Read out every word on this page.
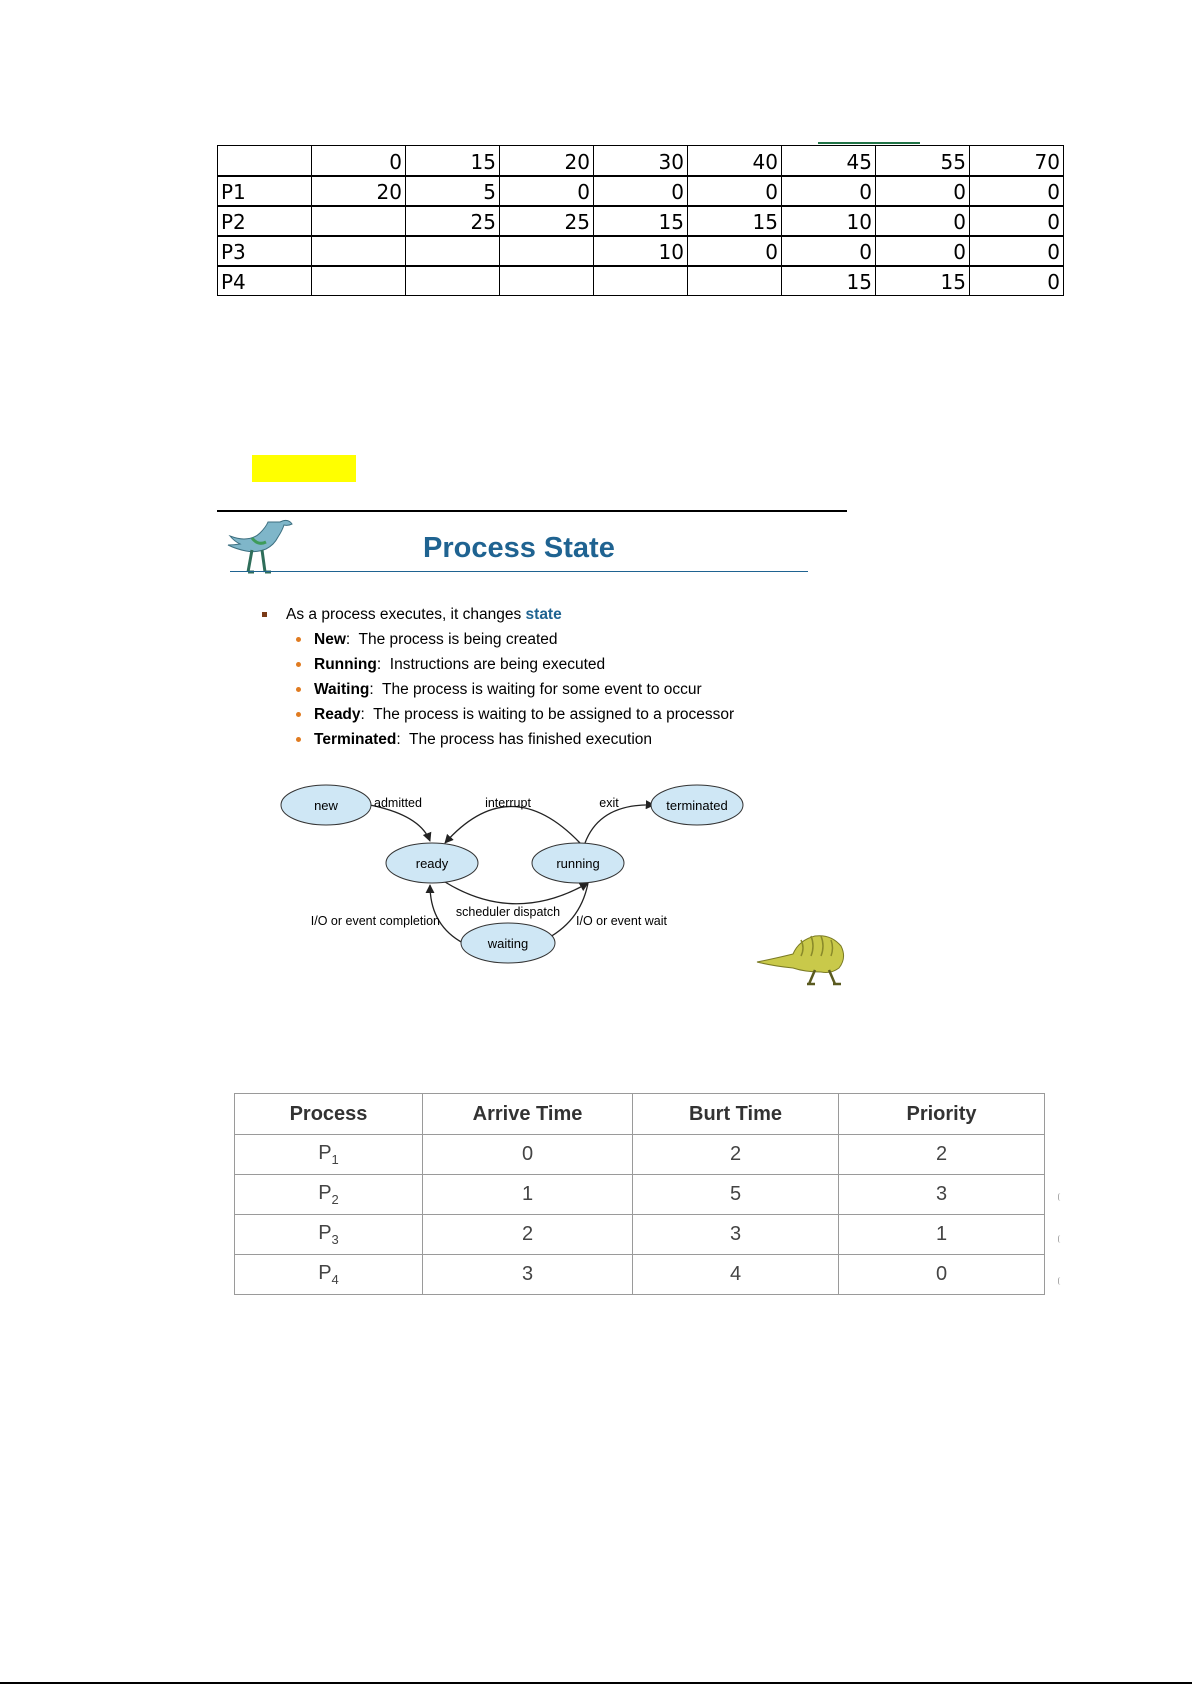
	0	15	20	30	40	45	55	70
P1	20	5	0	0	0	0	0	0
P2		25	25	15	15	10	0	0
P3				10	0	0	0	0
P4						15	15	0
Process State
As a process executes, it changes state
New:  The process is being created
Running:  Instructions are being executed
Waiting:  The process is waiting for some event to occur
Ready:  The process is waiting to be assigned to a processor
Terminated:  The process has finished execution
new
ready	running
terminated
waiting
admitted	interrupt	exit
scheduler dispatch
I/O or event completion	I/O or event wait
Process	Arrive Time	Burt Time	Priority
$P_1$	0	2	2
$P_2$	1	5	3
$P_3$	2	3	1
$P_4$	3	4	0
